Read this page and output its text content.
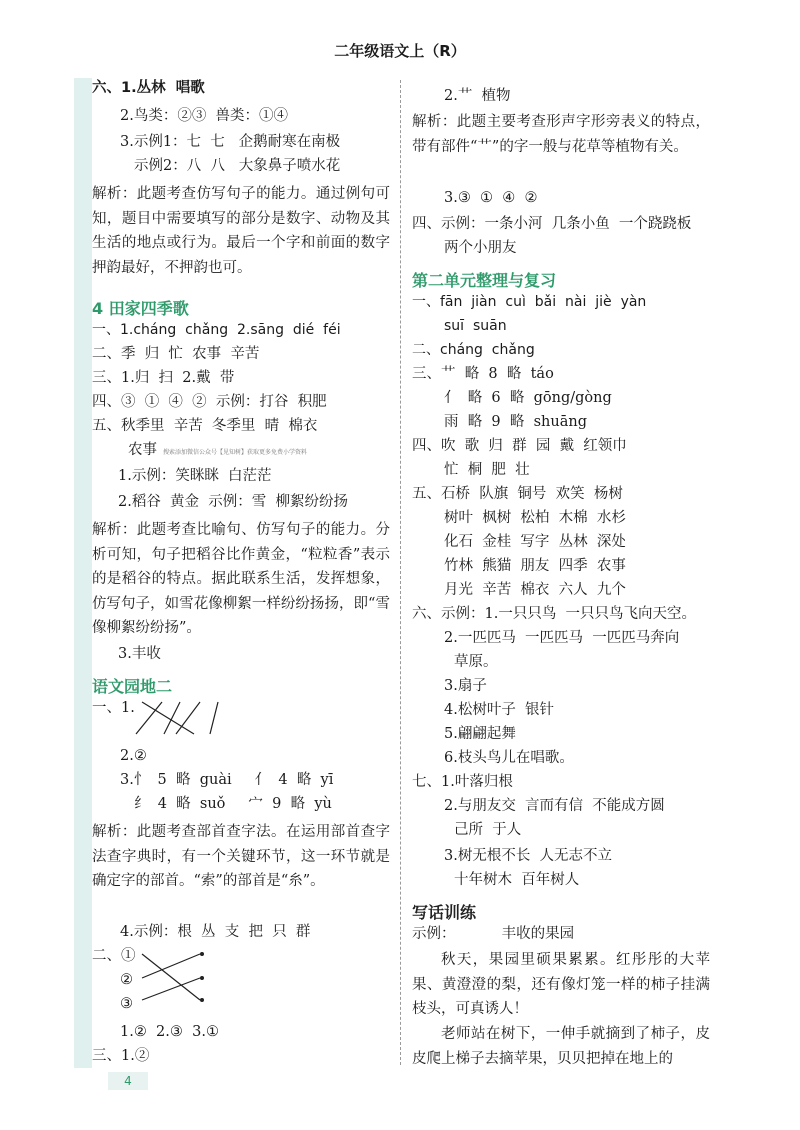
二年级语文上（R）
六、1.丛林  唱歌
2.鸟类：②③  兽类：①④
3.示例1：七  七   企鹅耐寒在南极
示例2：八  八   大象鼻子喷水花
解析：此题考查仿写句子的能力。通过例句可知，题目中需要填写的部分是数字、动物及其生活的地点或行为。最后一个字和前面的数字押韵最好，不押韵也可。
4 田家四季歌
一、1.cháng  chǎng  2.sāng  dié  féi
二、季  归  忙  农事  辛苦
三、1.归  扫  2.戴  带
四、③  ①  ④  ②  示例：打谷  积肥
五、秋季里  辛苦  冬季里  晴  棉衣
农事 搜索添加微信公众号【见知树】获取更多免费小学资料
1.示例：笑眯眯  白茫茫
2.稻谷  黄金  示例：雪  柳絮纷纷扬
解析：此题考查比喻句、仿写句子的能力。分析可知，句子把稻谷比作黄金，“粒粒香”表示的是稻谷的特点。据此联系生活，发挥想象，仿写句子，如雪花像柳絮一样纷纷扬扬，即“雪像柳絮纷纷扬”。
3.丰收
语文园地二
一、1.
2.②
3.忄  5  略  guài     亻  4  略  yī
纟  4  略  suǒ     宀  9  略  yù
解析：此题考查部首查字法。在运用部首查字法查字典时，有一个关键环节，这一环节就是确定字的部首。“索”的部首是“糸”。
4.示例：根  丛  支  把  只  群
二、①
②
③
1.②  2.③  3.①
三、1.②
2.艹  植物
解析：此题主要考查形声字形旁表义的特点，带有部件“艹”的字一般与花草等植物有关。
3.③  ①  ④  ②
四、示例：一条小河  几条小鱼  一个跷跷板
两个小朋友
第二单元整理与复习
一、fān  jiàn  cuì  bǎi  nài  jiè  yàn
suī  suān
二、cháng  chǎng
三、艹  略  8  略  táo
亻  略  6  略  gōng/gòng
雨  略  9  略  shuāng
四、吹  歌  归  群  园  戴  红领巾
忙  桐  肥  壮
五、石桥  队旗  铜号  欢笑  杨树
树叶  枫树  松柏  木棉  水杉
化石  金桂  写字  丛林  深处
竹林  熊猫  朋友  四季  农事
月光  辛苦  棉衣  六人  九个
六、示例：1.一只只鸟  一只只鸟飞向天空。
2.一匹匹马  一匹匹马  一匹匹马奔向
草原。
3.扇子
4.松树叶子  银针
5.翩翩起舞
6.枝头鸟儿在唱歌。
七、1.叶落归根
2.与朋友交  言而有信  不能成方圆
己所  于人
3.树无根不长  人无志不立
十年树木  百年树人
写话训练
示例：          丰收的果园
秋天，果园里硕果累累。红彤彤的大苹果、黄澄澄的梨，还有像灯笼一样的柿子挂满枝头，可真诱人！
老师站在树下，一伸手就摘到了柿子，皮皮爬上梯子去摘苹果，贝贝把掉在地上的
4
